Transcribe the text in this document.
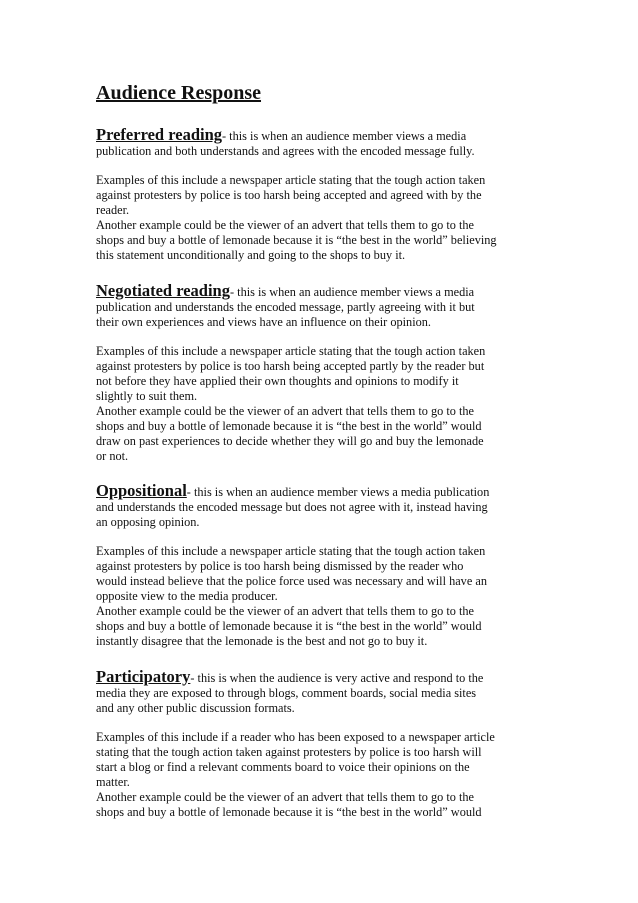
Audience Response
Preferred reading- this is when an audience member views a media
publication and both understands and agrees with the encoded message fully.
Examples of this include a newspaper article stating that the tough action taken
against protesters by police is too harsh being accepted and agreed with by the
reader.
Another example could be the viewer of an advert that tells them to go to the
shops and buy a bottle of lemonade because it is “the best in the world” believing
this statement unconditionally and going to the shops to buy it.
Negotiated reading- this is when an audience member views a media
publication and understands the encoded message, partly agreeing with it but
their own experiences and views have an influence on their opinion.
Examples of this include a newspaper article stating that the tough action taken
against protesters by police is too harsh being accepted partly by the reader but
not before they have applied their own thoughts and opinions to modify it
slightly to suit them.
Another example could be the viewer of an advert that tells them to go to the
shops and buy a bottle of lemonade because it is “the best in the world” would
draw on past experiences to decide whether they will go and buy the lemonade
or not.
Oppositional- this is when an audience member views a media publication
and understands the encoded message but does not agree with it, instead having
an opposing opinion.
Examples of this include a newspaper article stating that the tough action taken
against protesters by police is too harsh being dismissed by the reader who
would instead believe that the police force used was necessary and will have an
opposite view to the media producer.
Another example could be the viewer of an advert that tells them to go to the
shops and buy a bottle of lemonade because it is “the best in the world” would
instantly disagree that the lemonade is the best and not go to buy it.
Participatory- this is when the audience is very active and respond to the
media they are exposed to through blogs, comment boards, social media sites
and any other public discussion formats.
Examples of this include if a reader who has been exposed to a newspaper article
stating that the tough action taken against protesters by police is too harsh will
start a blog or find a relevant comments board to voice their opinions on the
matter.
Another example could be the viewer of an advert that tells them to go to the
shops and buy a bottle of lemonade because it is “the best in the world” would
